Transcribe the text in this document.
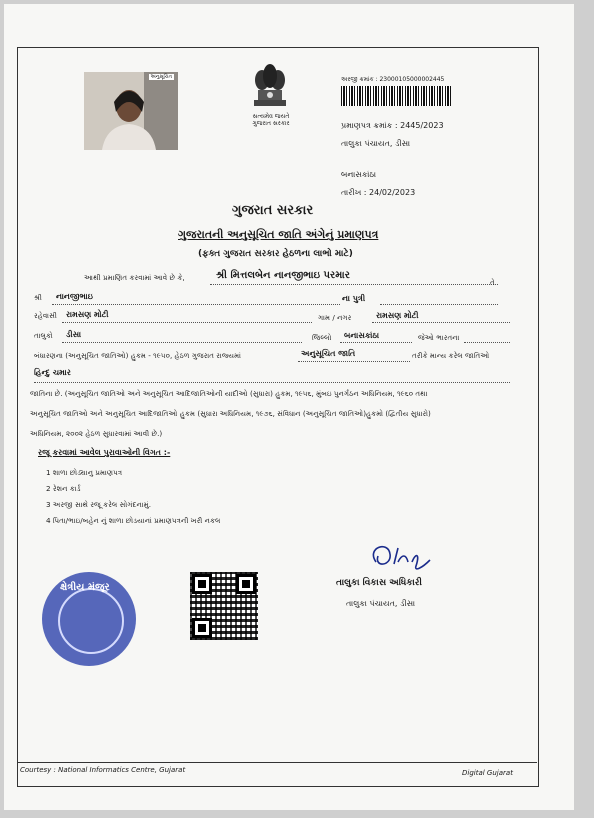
અનુસૂચિત
સત્યમેવ જયતે
ગુજરાત સરકાર
અરજી ક્રમાંક : 23000105000002445
પ્રમાણપત્ર ક્રમાંક : 2445/2023
તાલુકા પંચાયત, ડીસા
બનાસકાંઠા
તારીખ : 24/02/2023
ગુજરાત સરકાર
ગુજરાતની અનુસૂચિત જાતિ અંગેનું પ્રમાણપત્ર
(ફક્ત ગુજરાત સરકાર હેઠળના લાભો માટે)
આથી પ્રમાણિત કરવામાં આવે છે કે,	શ્રી મિત્તલબેન નાનજીભાઇ પરમાર
તે
શ્રી નાનજીભાઇ	ના પુત્રી
રહેવાસી રામસણ મોટી	ગામ / નગર	રામસણ મોટી
તાલુકો ડીસા	જિલ્લો બનાસકાંઠા	જેઓ ભારતના
બંધારણના (અનુસૂચિત જાતિઓ) હુકમ - ૧૯૫૦, હેઠળ ગુજરાત રાજ્યમાં	અનુસૂચિત જાતિ	તરીકે માન્ય કરેલ જાતિઓ
હિન્દુ ચમાર
જાતિના છે. (અનુસૂચિત જાતિઓ અને અનુસૂચિત આદિજાતિઓની યાદીઓ (સુધારા) હુકમ, ૧૯૫૬, મુંબઇ પુનર્ગઠન અધિનિયમ, ૧૯૬૦ તથા
અનુસૂચિત જાતિઓ અને અનુસૂચિત આદિજાતિઓ હુકમ (સુધારા અધિનિયમ, ૧૯૭૬, સંવિધાન (અનુસૂચિત જાતિઓ)હુકમો (દ્વિતીય સુધારો)
અધિનિયમ, ૨૦૦૨ હેઠળ સુધારવામાં આવી છે.)
રજૂ કરવામાં આવેલ પુરાવાઓની વિગત :-
1 શાળા છોડ્યાનુ પ્રમાણપત્ર
2 રેશન કાર્ડ
3 અરજી સાથે રજૂ કરેલ સોગંદનામું.
4 પિતા/ભાઇ/બહેન નું શાળા છોડયાનાં પ્રમાણપત્રની ખરી નકલ
ક્ષેત્રીય મંજૂર	તાલુકા વિકાસ અધિકારી
તાલુકા પંચાયત, ડીસા
Courtesy : National Informatics Centre, Gujarat	Digital Gujarat
